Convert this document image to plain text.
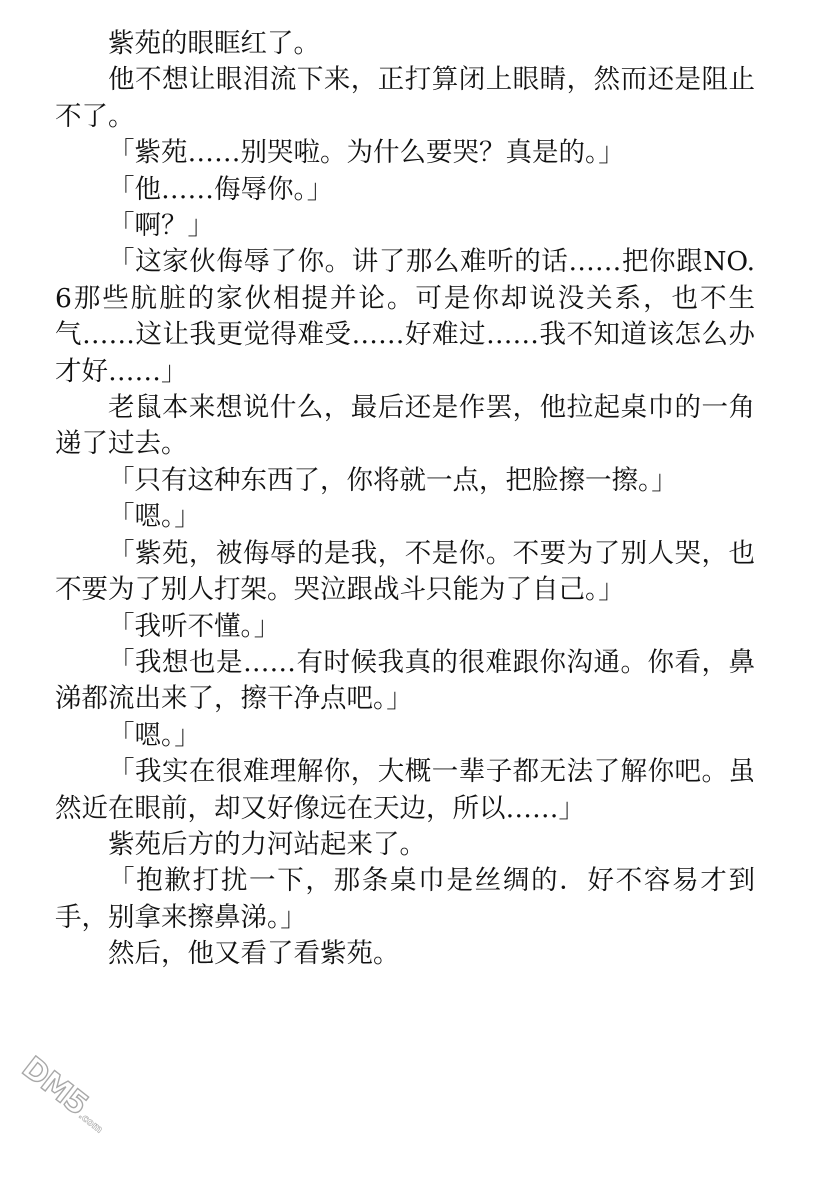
紫苑的眼眶红了。

他不想让眼泪流下来，正打算闭上眼睛，然而还是阻止不了。

「紫苑……别哭啦。为什么要哭？真是的。」

「他……侮辱你。」

「啊？」

「这家伙侮辱了你。讲了那么难听的话……把你跟NO.6那些肮脏的家伙相提并论。可是你却说没关系，也不生气……这让我更觉得难受……好难过……我不知道该怎么办才好……」

老鼠本来想说什么，最后还是作罢，他拉起桌巾的一角递了过去。

「只有这种东西了，你将就一点，把脸擦一擦。」

「嗯。」

「紫苑，被侮辱的是我，不是你。不要为了别人哭，也不要为了别人打架。哭泣跟战斗只能为了自己。」

「我听不懂。」

「我想也是……有时候我真的很难跟你沟通。你看，鼻涕都流出来了，擦干净点吧。」

「嗯。」

「我实在很难理解你，大概一辈子都无法了解你吧。虽然近在眼前，却又好像远在天边，所以……」

紫苑后方的力河站起来了。

「抱歉打扰一下，那条桌巾是丝绸的．好不容易才到手，别拿来擦鼻涕。」

然后，他又看了看紫苑。

DM5.com
